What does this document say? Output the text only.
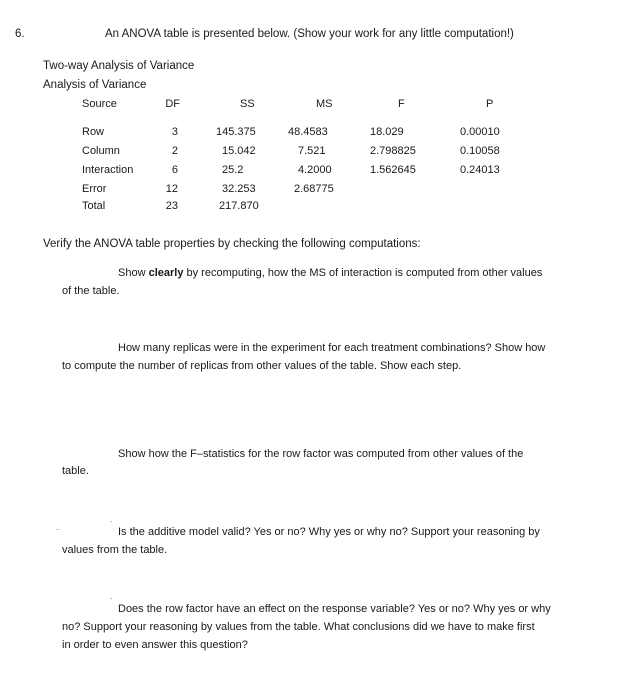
6.	An ANOVA table is presented below. (Show your work for any little computation!)
Two-way Analysis of Variance
Analysis of Variance
Source	DF	SS	MS	F	P
Row	3	145.375	48.4583	18.029	0.00010
Column	2	15.042	7.521	2.798825	0.10058
Interaction	6	25.2	4.2000	1.562645	0.24013
Error	12	32.253	2.68775
Total	23	217.870
Verify the ANOVA table properties by checking the following computations:
Show clearly by recomputing, how the MS of interaction is computed from other values
of the table.
How many replicas were in the experiment for each treatment combinations? Show how
to compute the number of replicas from other values of the table. Show each step.
Show how the F–statistics for the row factor was computed from other values of the
table.
..	`
Is the additive model valid? Yes or no? Why yes or why no? Support your reasoning by
values from the table.
`
Does the row factor have an effect on the response variable? Yes or no? Why yes or why
no? Support your reasoning by values from the table. What conclusions did we have to make first
in order to even answer this question?
